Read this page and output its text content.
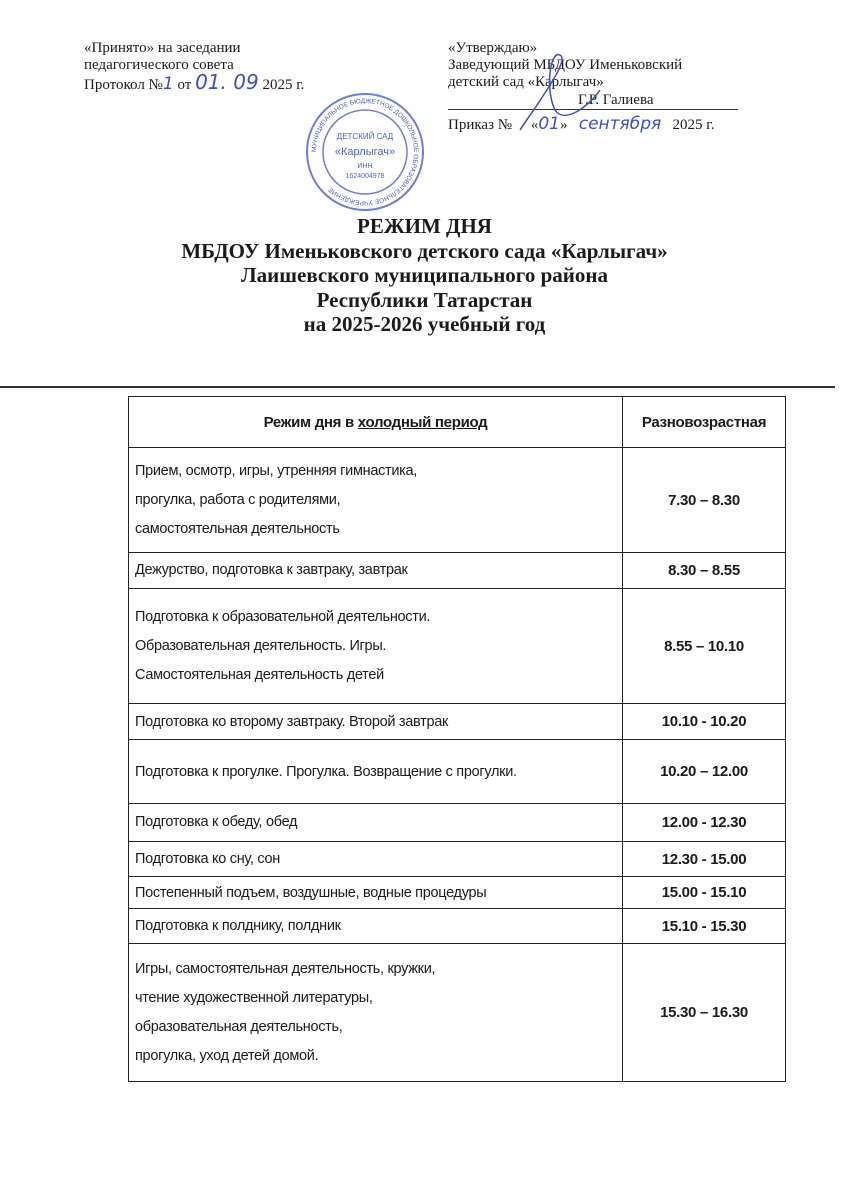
«Принято» на заседании
педагогического совета
Протокол №1 от 01. 09 2025 г.
МУНИЦИПАЛЬНОЕ БЮДЖЕТНОЕ ДОШКОЛЬНОЕ ОБРАЗОВАТЕЛЬНОЕ УЧРЕЖДЕНИЕ
ДЕТСКИЙ САД
«Карлыгач»
ИНН
1624004978
«Утверждаю»
Заведующий МБДОУ Именьковский
детский сад «Карлыгач»
Г.Р. Галиева
Приказ № «01» сентября 2025 г.
РЕЖИМ ДНЯ
МБДОУ Именьковского детского сада «Карлыгач»
Лаишевского муниципального района
Республики Татарстан
на 2025-2026 учебный год
Режим дня в холодный период	Разновозрастная

Прием, осмотр, игры, утренняя гимнастика,
прогулка, работа с родителями,
самостоятельная деятельность	7.30 – 8.30

Дежурство, подготовка к завтраку, завтрак	8.30 – 8.55

Подготовка к образовательной деятельности.
Образовательная деятельность. Игры.
Самостоятельная деятельность детей	8.55 – 10.10

Подготовка ко второму завтраку. Второй завтрак	10.10 - 10.20

Подготовка к прогулке. Прогулка. Возвращение с прогулки.	10.20 – 12.00

Подготовка к обеду, обед	12.00 - 12.30

Подготовка ко сну, сон	12.30 - 15.00

Постепенный подъем, воздушные, водные процедуры	15.00 - 15.10

Подготовка к полднику, полдник	15.10 - 15.30

Игры, самостоятельная деятельность, кружки,
чтение художественной литературы,
образовательная деятельность,
прогулка, уход детей домой.	15.30 – 16.30
